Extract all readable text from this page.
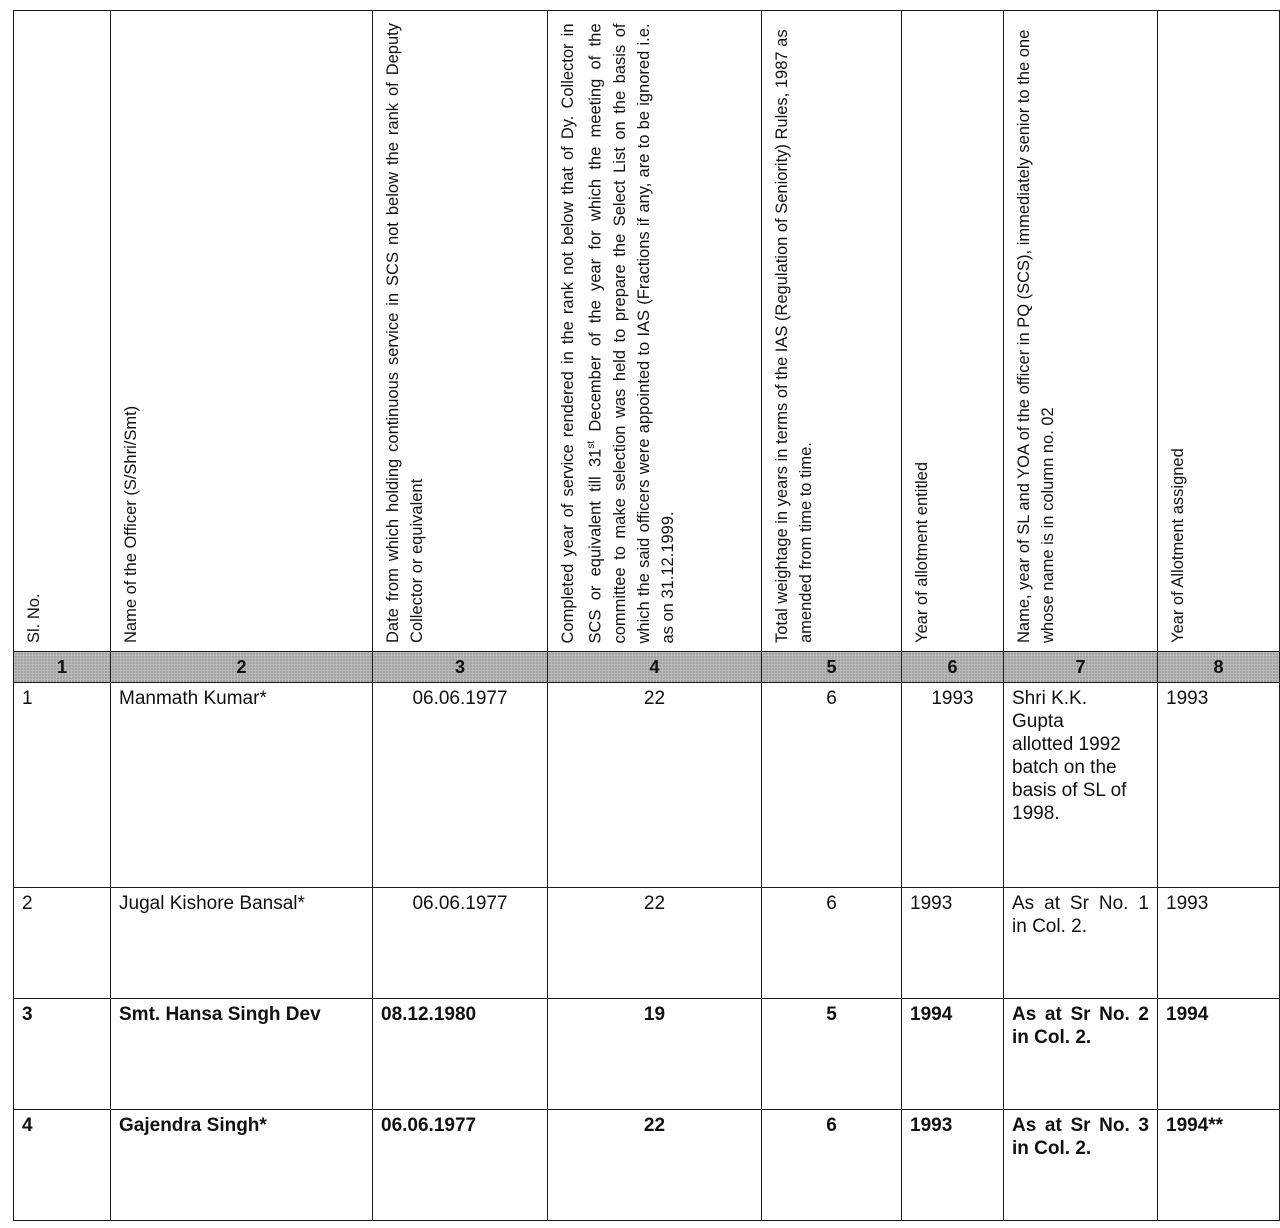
Sl. No.	Name of the Officer (S/Shri/Smt)	Date from which holding continuous service in SCS not below the rank of Deputy Collector or equivalent	Completed year of service rendered in the rank not below that of Dy. Collector in SCS or equivalent till 31st December of the year for which the meeting of the committee to make selection was held to prepare the Select List on the basis of which the said officers were appointed to IAS (Fractions if any, are to be ignored i.e. as on 31.12.1999.	Total weightage in years in terms of the IAS (Regulation of Seniority) Rules, 1987 as amended from time to time.	Year of allotment entitled	Name, year of SL and YOA of the officer in PQ (SCS), immediately senior to the one whose name is in column no. 02	Year of Allotment assigned

1	2	3	4	5	6	7	8
1	Manmath Kumar*	06.06.1977	22	6	1993	Shri K.K. Gupta allotted 1992 batch on the basis of SL of 1998.	1993
2	Jugal Kishore Bansal*	06.06.1977	22	6	1993	As at Sr No. 1 in Col. 2.	1993
3	Smt. Hansa Singh Dev	08.12.1980	19	5	1994	As at Sr No. 2 in Col. 2.	1994
4	Gajendra Singh*	06.06.1977	22	6	1993	As at Sr No. 3 in Col. 2.	1994**
